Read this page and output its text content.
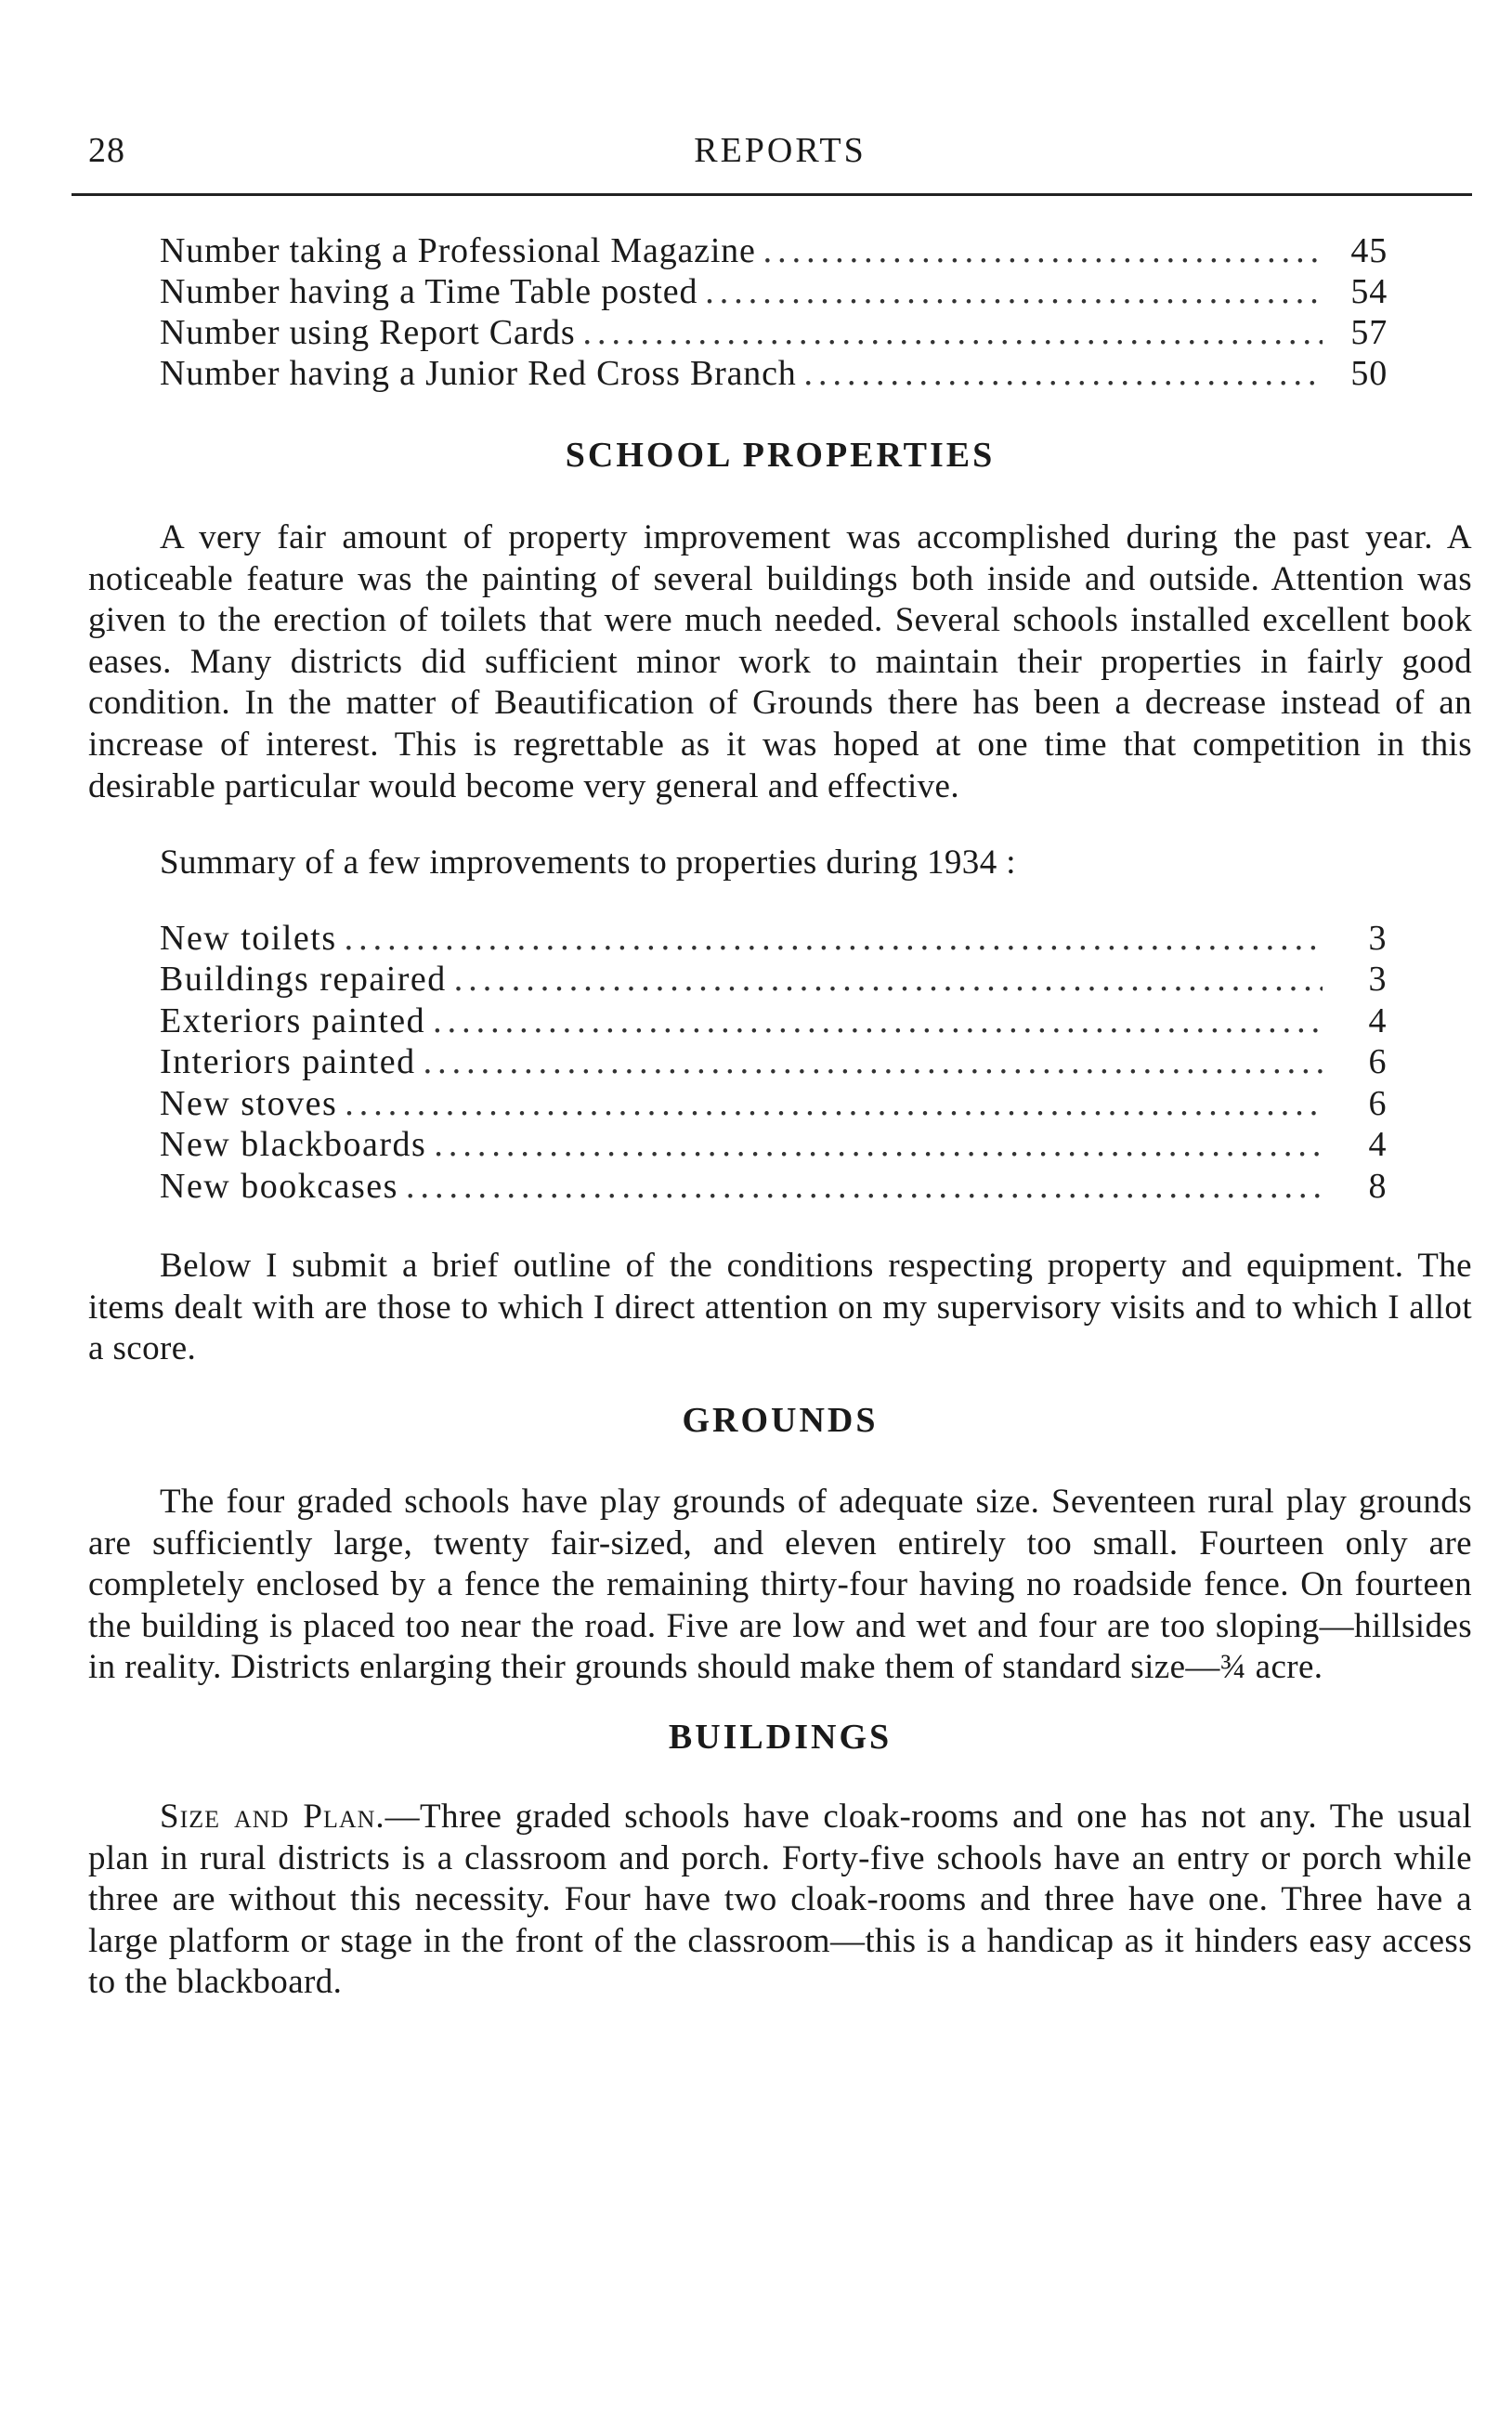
28	REPORTS
Number taking a Professional Magazine .....	45
Number having a Time Table posted .....	54
Number using Report Cards .....	57
Number having a Junior Red Cross Branch .....	50
SCHOOL PROPERTIES

A very fair amount of property improvement was accomplished during the past year. A noticeable feature was the painting of several buildings both inside and outside. Attention was given to the erection of toilets that were much needed. Several schools installed excellent book eases. Many districts did sufficient minor work to maintain their properties in fairly good condition. In the matter of Beautification of Grounds there has been a decrease instead of an increase of interest. This is regrettable as it was hoped at one time that competition in this desirable particular would become very general and effective.

Summary of a few improvements to properties during 1934 :

New toilets .....	3
Buildings repaired .....	3
Exteriors painted .....	4
Interiors painted .....	6
New stoves .....	6
New blackboards .....	4
New bookcases .....	8

Below I submit a brief outline of the conditions respecting property and equipment. The items dealt with are those to which I direct attention on my supervisory visits and to which I allot a score.

GROUNDS

The four graded schools have play grounds of adequate size. Seventeen rural play grounds are sufficiently large, twenty fair-sized, and eleven entirely too small. Fourteen only are completely enclosed by a fence the remaining thirty-four having no roadside fence. On fourteen the building is placed too near the road. Five are low and wet and four are too sloping—hillsides in reality. Districts enlarging their grounds should make them of standard size—¾ acre.

BUILDINGS

Size and Plan.—Three graded schools have cloak-rooms and one has not any. The usual plan in rural districts is a classroom and porch. Forty-five schools have an entry or porch while three are without this necessity. Four have two cloak-rooms and three have one. Three have a large platform or stage in the front of the classroom—this is a handicap as it hinders easy access to the blackboard.
